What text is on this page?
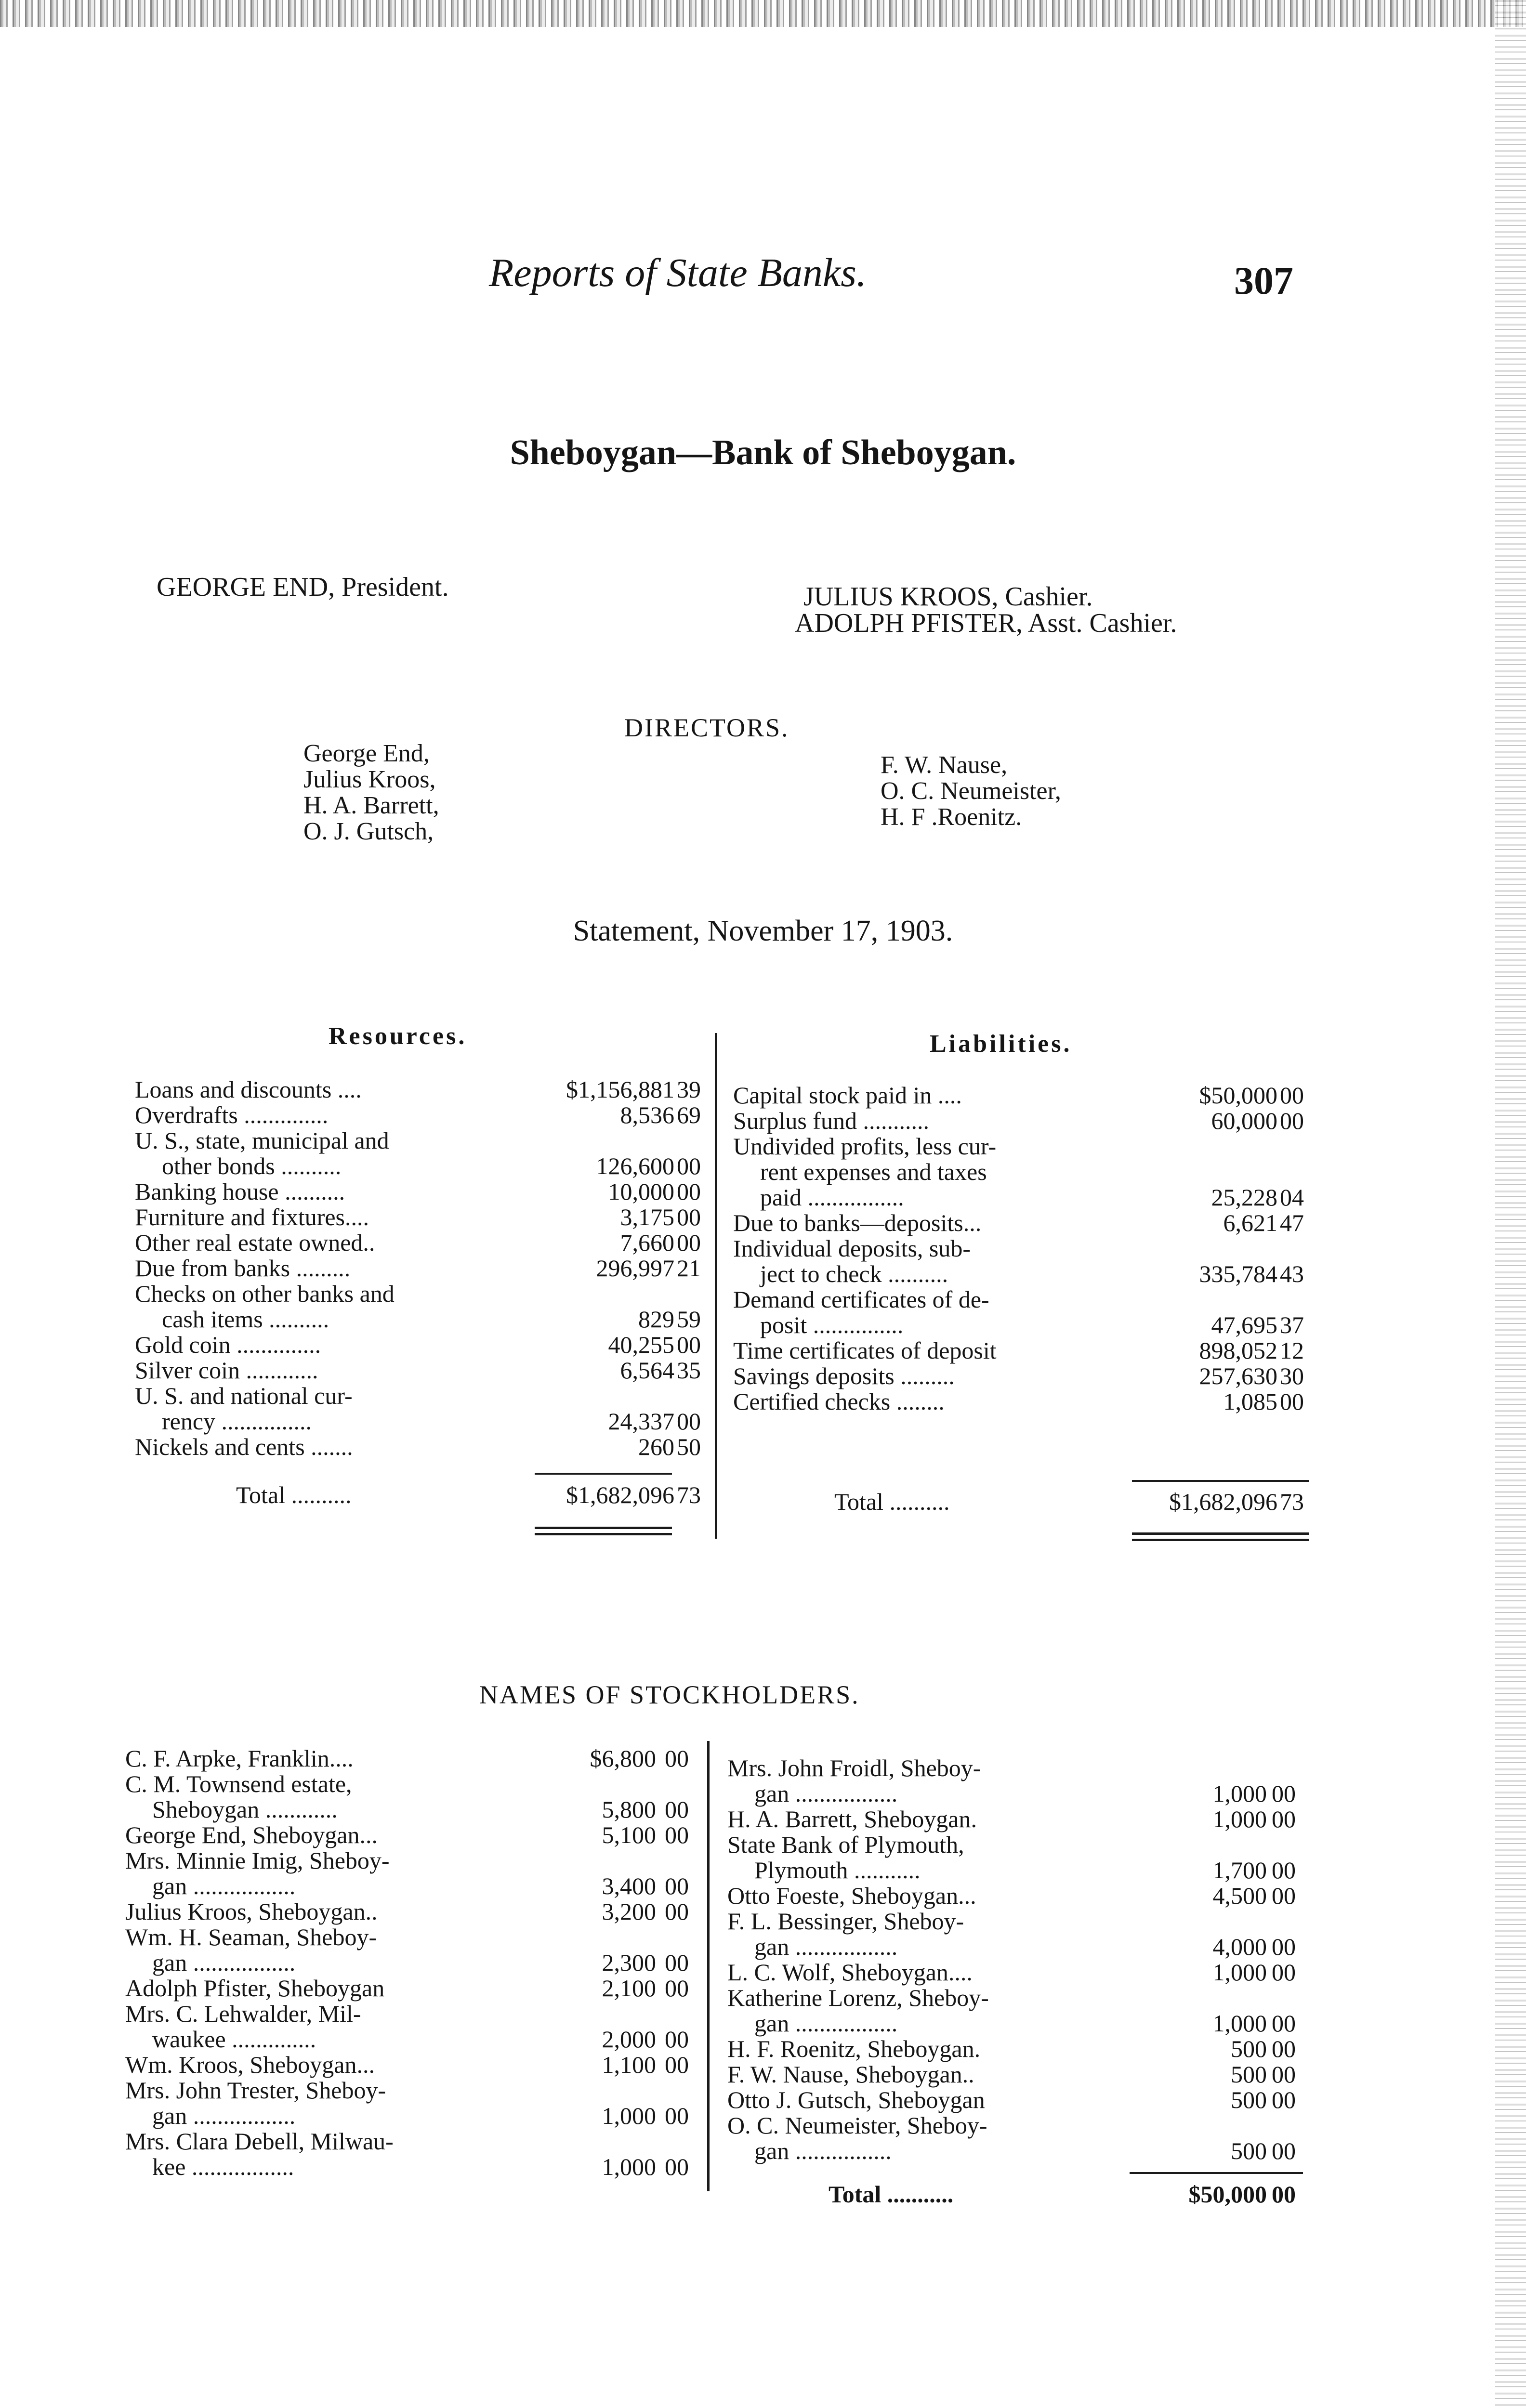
Reports of State Banks.	307
Sheboygan—Bank of Sheboygan.
GEORGE END, President.	JULIUS KROOS, Cashier.
ADOLPH PFISTER, Asst. Cashier.
DIRECTORS.
George End,
Julius Kroos,
H. A. Barrett,
O. J. Gutsch,
F. W. Nause,
O. C. Neumeister,
H. F .Roenitz.
Statement, November 17, 1903.
Resources.	Liabilities.
Loans and discounts ....	$1,156,881 39
Overdrafts ..............	8,536 69
U. S., state, municipal and
other bonds ..........	126,600 00
Banking house ..........	10,000 00
Furniture and fixtures....	3,175 00
Other real estate owned..	7,660 00
Due from banks .........	296,997 21
Checks on other banks and
cash items ..........	829 59
Gold coin ..............	40,255 00
Silver coin ............	6,564 35
U. S. and national cur-
rency ...............	24,337 00
Nickels and cents .......	260 50
Total ..........	$1,682,096 73
Capital stock paid in ....	$50,000 00
Surplus fund ...........	60,000 00
Undivided profits, less cur-
rent expenses and taxes
paid ................	25,228 04
Due to banks—deposits...	6,621 47
Individual deposits, sub-
ject to check ..........	335,784 43
Demand certificates of de-
posit ...............	47,695 37
Time certificates of deposit	898,052 12
Savings deposits .........	257,630 30
Certified checks ........	1,085 00
Total ..........	$1,682,096 73
NAMES OF STOCKHOLDERS.
C. F. Arpke, Franklin....	$6,800 00
C. M. Townsend estate,
Sheboygan ............	5,800 00
George End, Sheboygan...	5,100 00
Mrs. Minnie Imig, Sheboy-
gan .................	3,400 00
Julius Kroos, Sheboygan..	3,200 00
Wm. H. Seaman, Sheboy-
gan .................	2,300 00
Adolph Pfister, Sheboygan	2,100 00
Mrs. C. Lehwalder, Mil-
waukee ..............	2,000 00
Wm. Kroos, Sheboygan...	1,100 00
Mrs. John Trester, Sheboy-
gan .................	1,000 00
Mrs. Clara Debell, Milwau-
kee .................	1,000 00
Mrs. John Froidl, Sheboy-
gan .................	1,000 00
H. A. Barrett, Sheboygan.	1,000 00
State Bank of Plymouth,
Plymouth ...........	1,700 00
Otto Foeste, Sheboygan...	4,500 00
F. L. Bessinger, Sheboy-
gan .................	4,000 00
L. C. Wolf, Sheboygan....	1,000 00
Katherine Lorenz, Sheboy-
gan .................	1,000 00
H. F. Roenitz, Sheboygan.	500 00
F. W. Nause, Sheboygan..	500 00
Otto J. Gutsch, Sheboygan	500 00
O. C. Neumeister, Sheboy-
gan ................	500 00
Total ...........	$50,000 00
